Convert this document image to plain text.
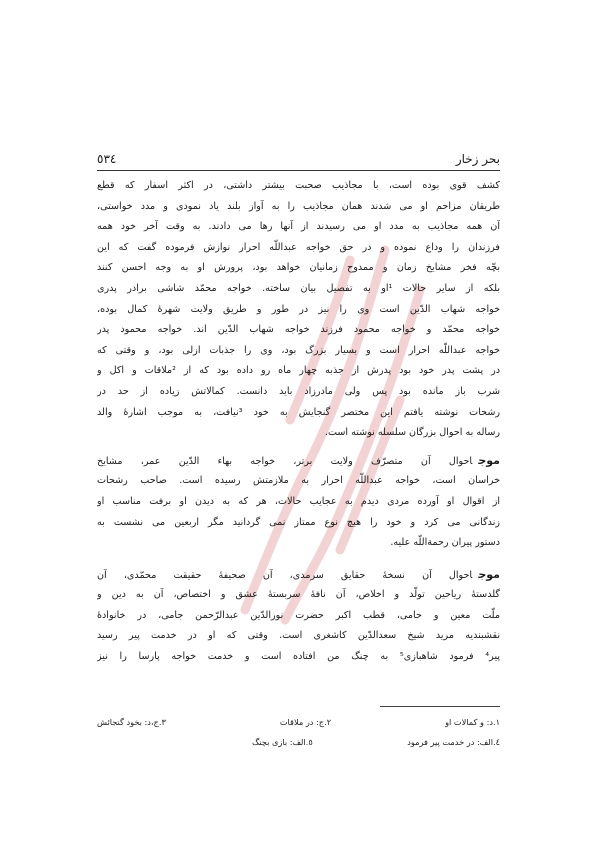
بحر زخار
٥٣٤
کشف قوی بوده است، با مجاذیب صحبت بیشتر داشتی، در اکثر اسفار که قطع
طریقان مزاحم او می شدند همان مجاذیب را به آواز بلند یاد نمودی و مدد خواستی،
آن همه مجاذیب به مدد او می رسیدند از آنها رها می دادند. به وقت آخر خود همه
فرزندان را وداع نموده و در حق خواجه عبداللّه احرار نوازش فرموده گفت که این
بچّه فخر مشایخ زمان و ممدوح زمانیان خواهد بود، پرورش او به وجه احسن کنند
بلکه از سایر حالات ¹او به تفصیل بیان ساخته. خواجه محمّد شاشی برادر پدری
خواجه شهاب الدّین است وی را نیز در طور و طریق ولایت شهرهٔ کمال بوده،
خواجه محمّد و خواجه محمود فرزند خواجه شهاب الدّین اند. خواجه محمود پدر
خواجه عبداللّه احرار است و بسیار بزرگ بود، وی را جذبات ازلی بود، و وقتی که
در پشت پدر خود بود پدرش از جذبه چهار ماه رو داده بود که از ²ملاقات و اکل و
شرب باز مانده بود پس ولی مادرزاد باید دانست. کمالاتش زیاده از حد در
رشحات نوشته یافتم این مختصر گنجایش به خود ³نیافت، به موجب اشارهٔ والد
رساله به احوال بزرگان سلسله نوشته است.
موجاحوال آن متصرّف ولایت برتر، خواجه بهاء الدّین عمر، مشایخ
خراسان است، خواجه عبداللّه احرار به ملازمتش رسیده است. صاحب رشحات
از اقوال او آورده مردی دیدم به عجایب حالات، هر که به دیدن او برفت مناسب او
زندگانی می کرد و خود را هیچ نوع ممتاز نمی گردانید مگر اربعین می نشست به
دستور پیران رحمة‌اللّه علیه.
موجاحوال آن نسخهٔ حقایق سرمدی، آن صحیفهٔ حقیقت محمّدی، آن
گلدستهٔ ریاحین تولّد و اخلاص، آن نافهٔ سربستهٔ عشق و اختصاص، آن به دین و
ملّت معین و حامی، قطب اکبر حضرت نورالدّین عبدالرّحمن جامی، در خانوادهٔ
نقشبندیه مرید شیخ سعدالدّین کاشغری است. وقتی که او در خدمت پیر رسید
پیر⁴ فرمود شاهبازی⁵ به چنگ من افتاده است و خدمت خواجه پارسا را نیز
١.د: و کمالات او
٢.ج: در ملاقات
٣.ج،د: بخود گنجائش
٤.الف: در خدمت پیر فرمود
٥.الف: بازی بچنگ
